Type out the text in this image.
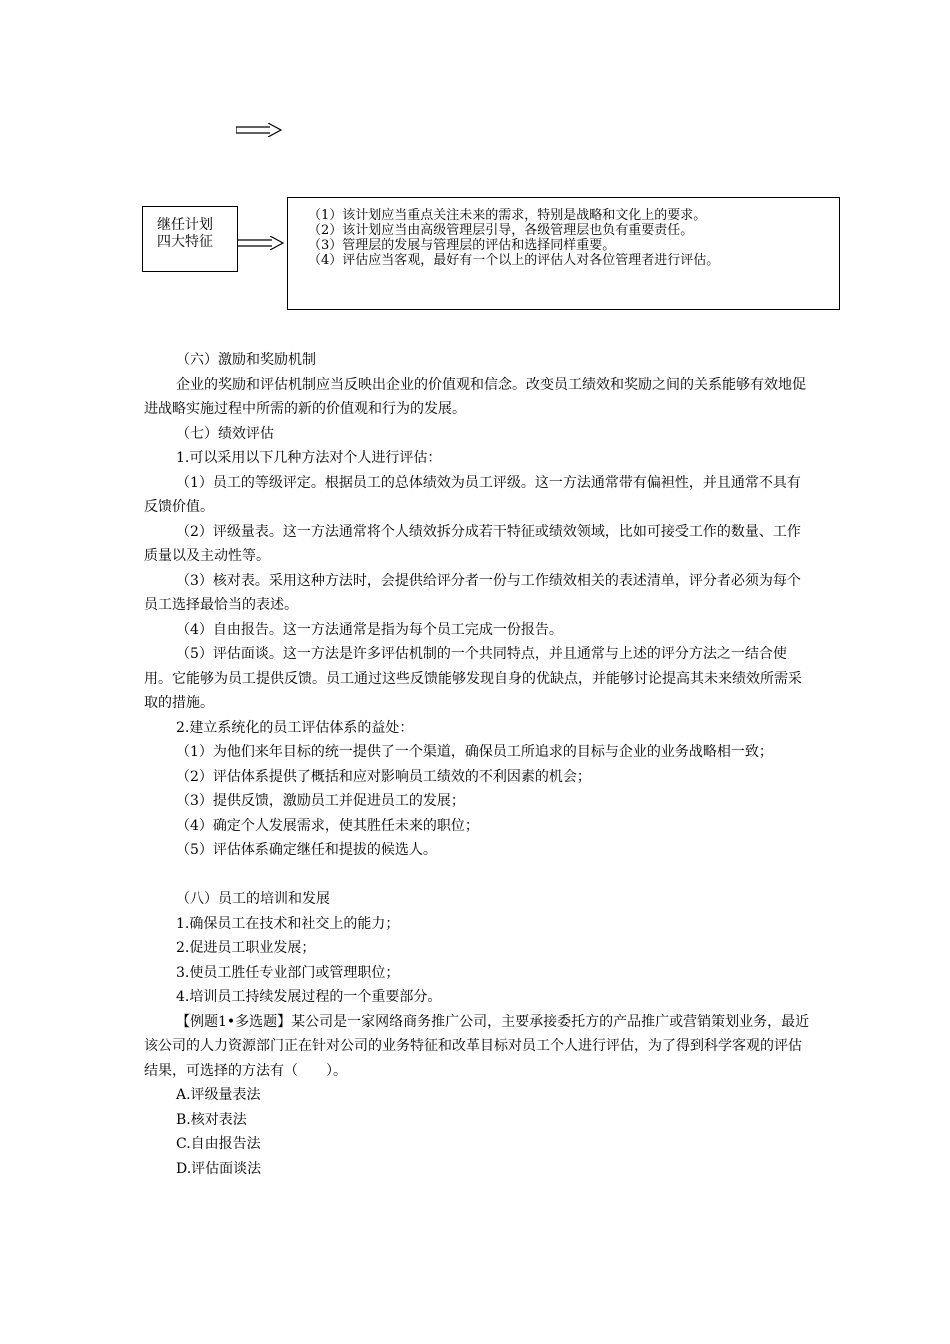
继任计划
四大特征
（1）该计划应当重点关注未来的需求，特别是战略和文化上的要求。
（2）该计划应当由高级管理层引导，各级管理层也负有重要责任。
（3）管理层的发展与管理层的评估和选择同样重要。
（4）评估应当客观，最好有一个以上的评估人对各位管理者进行评估。

（六）激励和奖励机制

企业的奖励和评估机制应当反映出企业的价值观和信念。改变员工绩效和奖励之间的关系能够有效地促进战略实施过程中所需的新的价值观和行为的发展。

（七）绩效评估

1.可以采用以下几种方法对个人进行评估：

（1）员工的等级评定。根据员工的总体绩效为员工评级。这一方法通常带有偏袒性，并且通常不具有反馈价值。

（2）评级量表。这一方法通常将个人绩效拆分成若干特征或绩效领域，比如可接受工作的数量、工作质量以及主动性等。

（3）核对表。采用这种方法时，会提供给评分者一份与工作绩效相关的表述清单，评分者必须为每个员工选择最恰当的表述。

（4）自由报告。这一方法通常是指为每个员工完成一份报告。

（5）评估面谈。这一方法是许多评估机制的一个共同特点，并且通常与上述的评分方法之一结合使用。它能够为员工提供反馈。员工通过这些反馈能够发现自身的优缺点，并能够讨论提高其未来绩效所需采取的措施。

2.建立系统化的员工评估体系的益处：

（1）为他们来年目标的统一提供了一个渠道，确保员工所追求的目标与企业的业务战略相一致；

（2）评估体系提供了概括和应对影响员工绩效的不利因素的机会；

（3）提供反馈，激励员工并促进员工的发展；

（4）确定个人发展需求，使其胜任未来的职位；

（5）评估体系确定继任和提拔的候选人。

（八）员工的培训和发展

1.确保员工在技术和社交上的能力；

2.促进员工职业发展；

3.使员工胜任专业部门或管理职位；

4.培训员工持续发展过程的一个重要部分。

【例题1•多选题】某公司是一家网络商务推广公司，主要承接委托方的产品推广或营销策划业务，最近该公司的人力资源部门正在针对公司的业务特征和改革目标对员工个人进行评估，为了得到科学客观的评估结果，可选择的方法有（　　）。

A.评级量表法

B.核对表法

C.自由报告法

D.评估面谈法
